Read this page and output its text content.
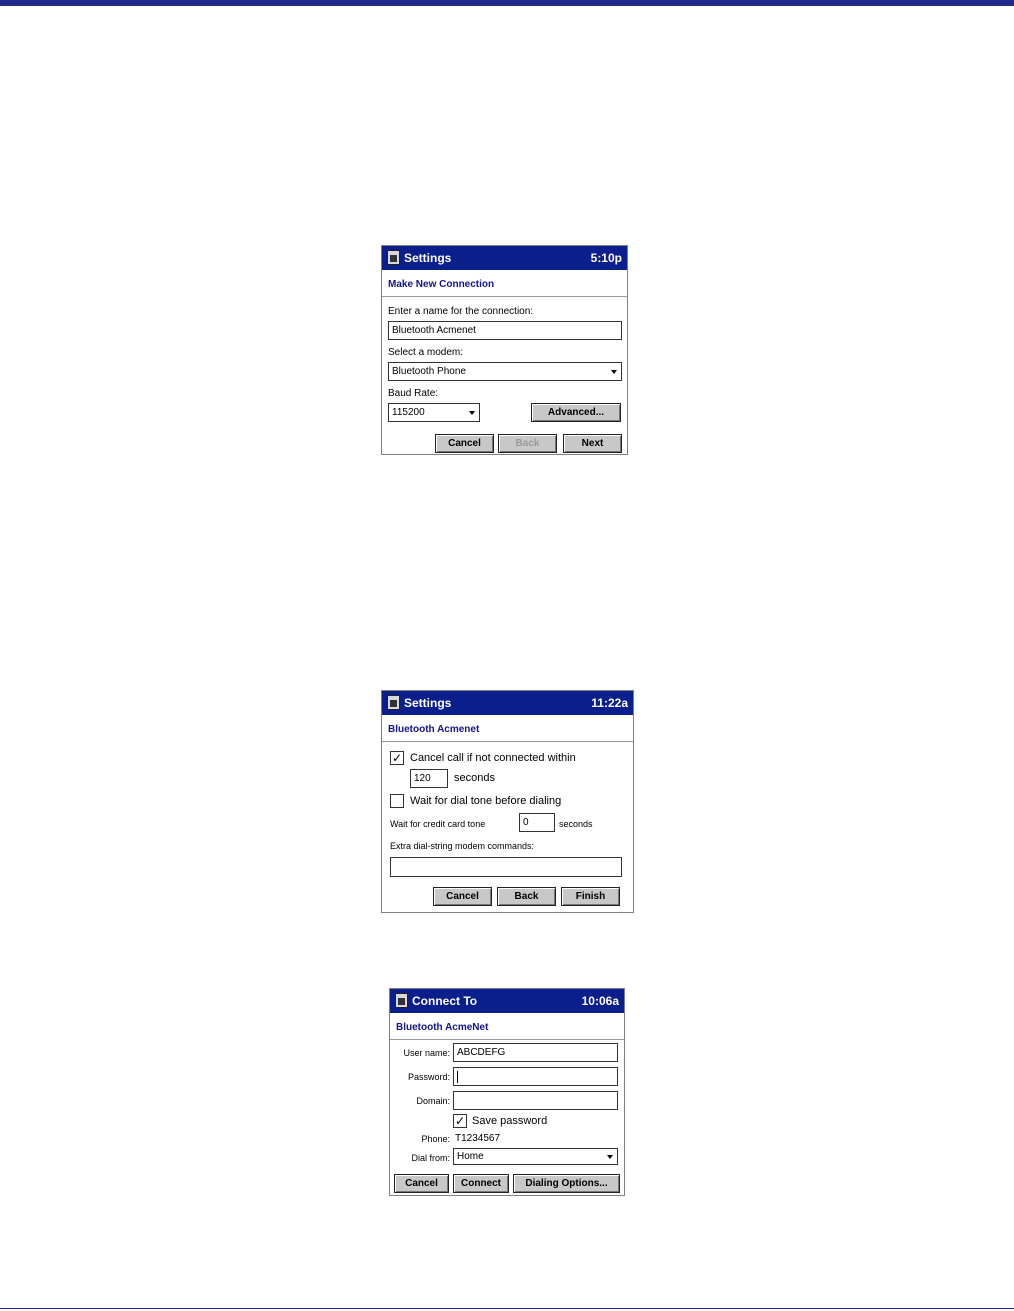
Settings	5:10p
Make New Connection
Enter a name for the connection:
Bluetooth Acmenet
Select a modem:
Bluetooth Phone
Baud Rate:
115200	Advanced...
Cancel	Back	Next
Settings	11:22a
Bluetooth Acmenet
✓ Cancel call if not connected within
120	seconds
Wait for dial tone before dialing
Wait for credit card tone	0	seconds
Extra dial-string modem commands:
Cancel	Back	Finish
Connect To	10:06a
Bluetooth AcmeNet
User name: ABCDEFG
Password:
Domain:
✓ Save password
Phone: T1234567
Dial from: Home
Cancel	Connect	Dialing Options...
